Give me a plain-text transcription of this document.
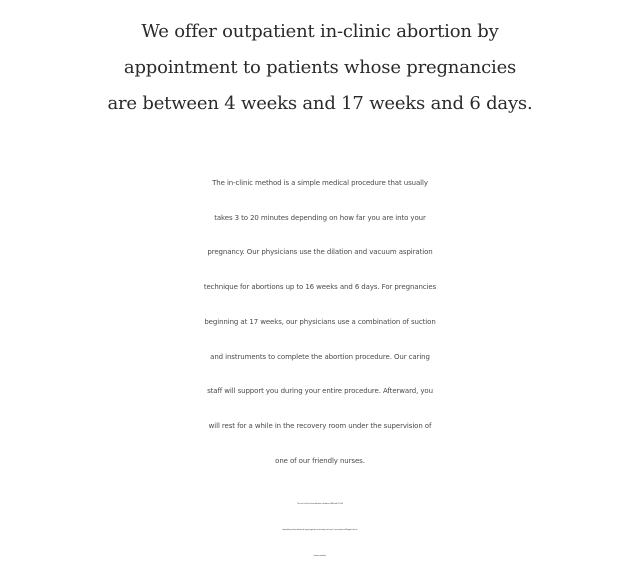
We offer outpatient in-clinic abortion by
appointment to patients whose pregnancies
are between 4 weeks and 17 weeks and 6 days.

The in-clinic method is a simple medical procedure that usually
takes 3 to 20 minutes depending on how far you are into your
pregnancy. Our physicians use the dilation and vacuum aspiration
technique for abortions up to 16 weeks and 6 days. For pregnancies
beginning at 17 weeks, our physicians use a combination of suction
and instruments to complete the abortion procedure. Our caring
staff will support you during your entire procedure. Afterward, you
will rest for a while in the recovery room under the supervision of
one of our friendly nurses.

The cost of an in-clinic abortion is between $450 and $1,200
depending on how advanced your pregnancy is and may cost more if you require a Rhogam shot or
choose sedation.
